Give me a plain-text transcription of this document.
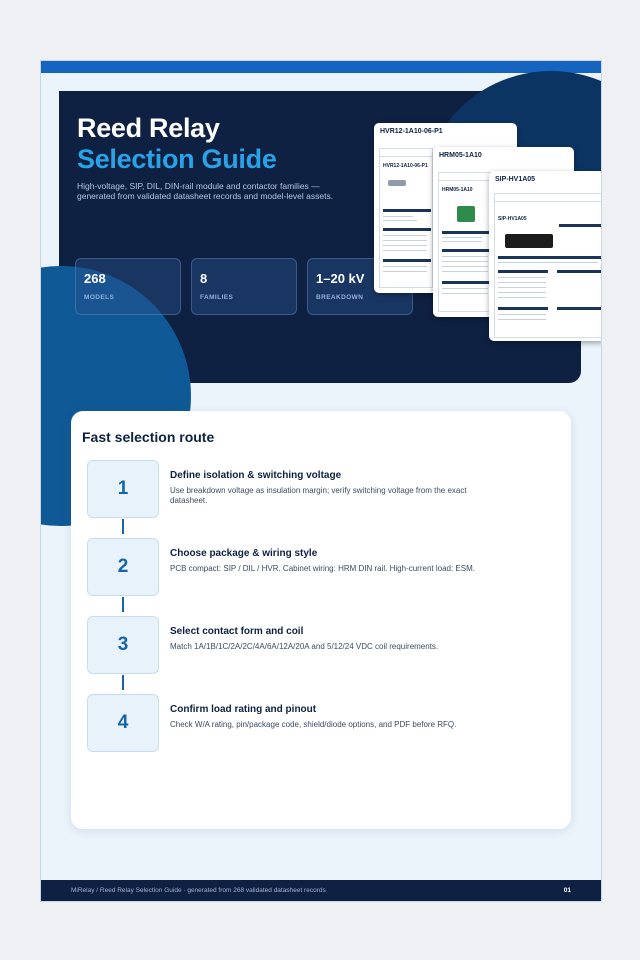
Reed Relay
Selection Guide
High-voltage, SIP, DIL, DIN-rail module and contactor families — generated from validated datasheet records and model-level assets.
268
MODELS
8
FAMILIES
1–20 kV
BREAKDOWN
HVR12-1A10-06-P1
HVR12-1A10-06-P1
HRM05-1A10
HRM05-1A10
SIP-HV1A05
SIP-HV1A05
Fast selection route
1
Define isolation & switching voltage
Use breakdown voltage as insulation margin; verify switching voltage from the exact datasheet.
2
Choose package & wiring style
PCB compact: SIP / DIL / HVR. Cabinet wiring: HRM DIN rail. High-current load: ESM.
3
Select contact form and coil
Match 1A/1B/1C/2A/2C/4A/6A/12A/20A and 5/12/24 VDC coil requirements.
4
Confirm load rating and pinout
Check W/A rating, pin/package code, shield/diode options, and PDF before RFQ.
MiRelay / Reed Relay Selection Guide · generated from 268 validated datasheet records	01
